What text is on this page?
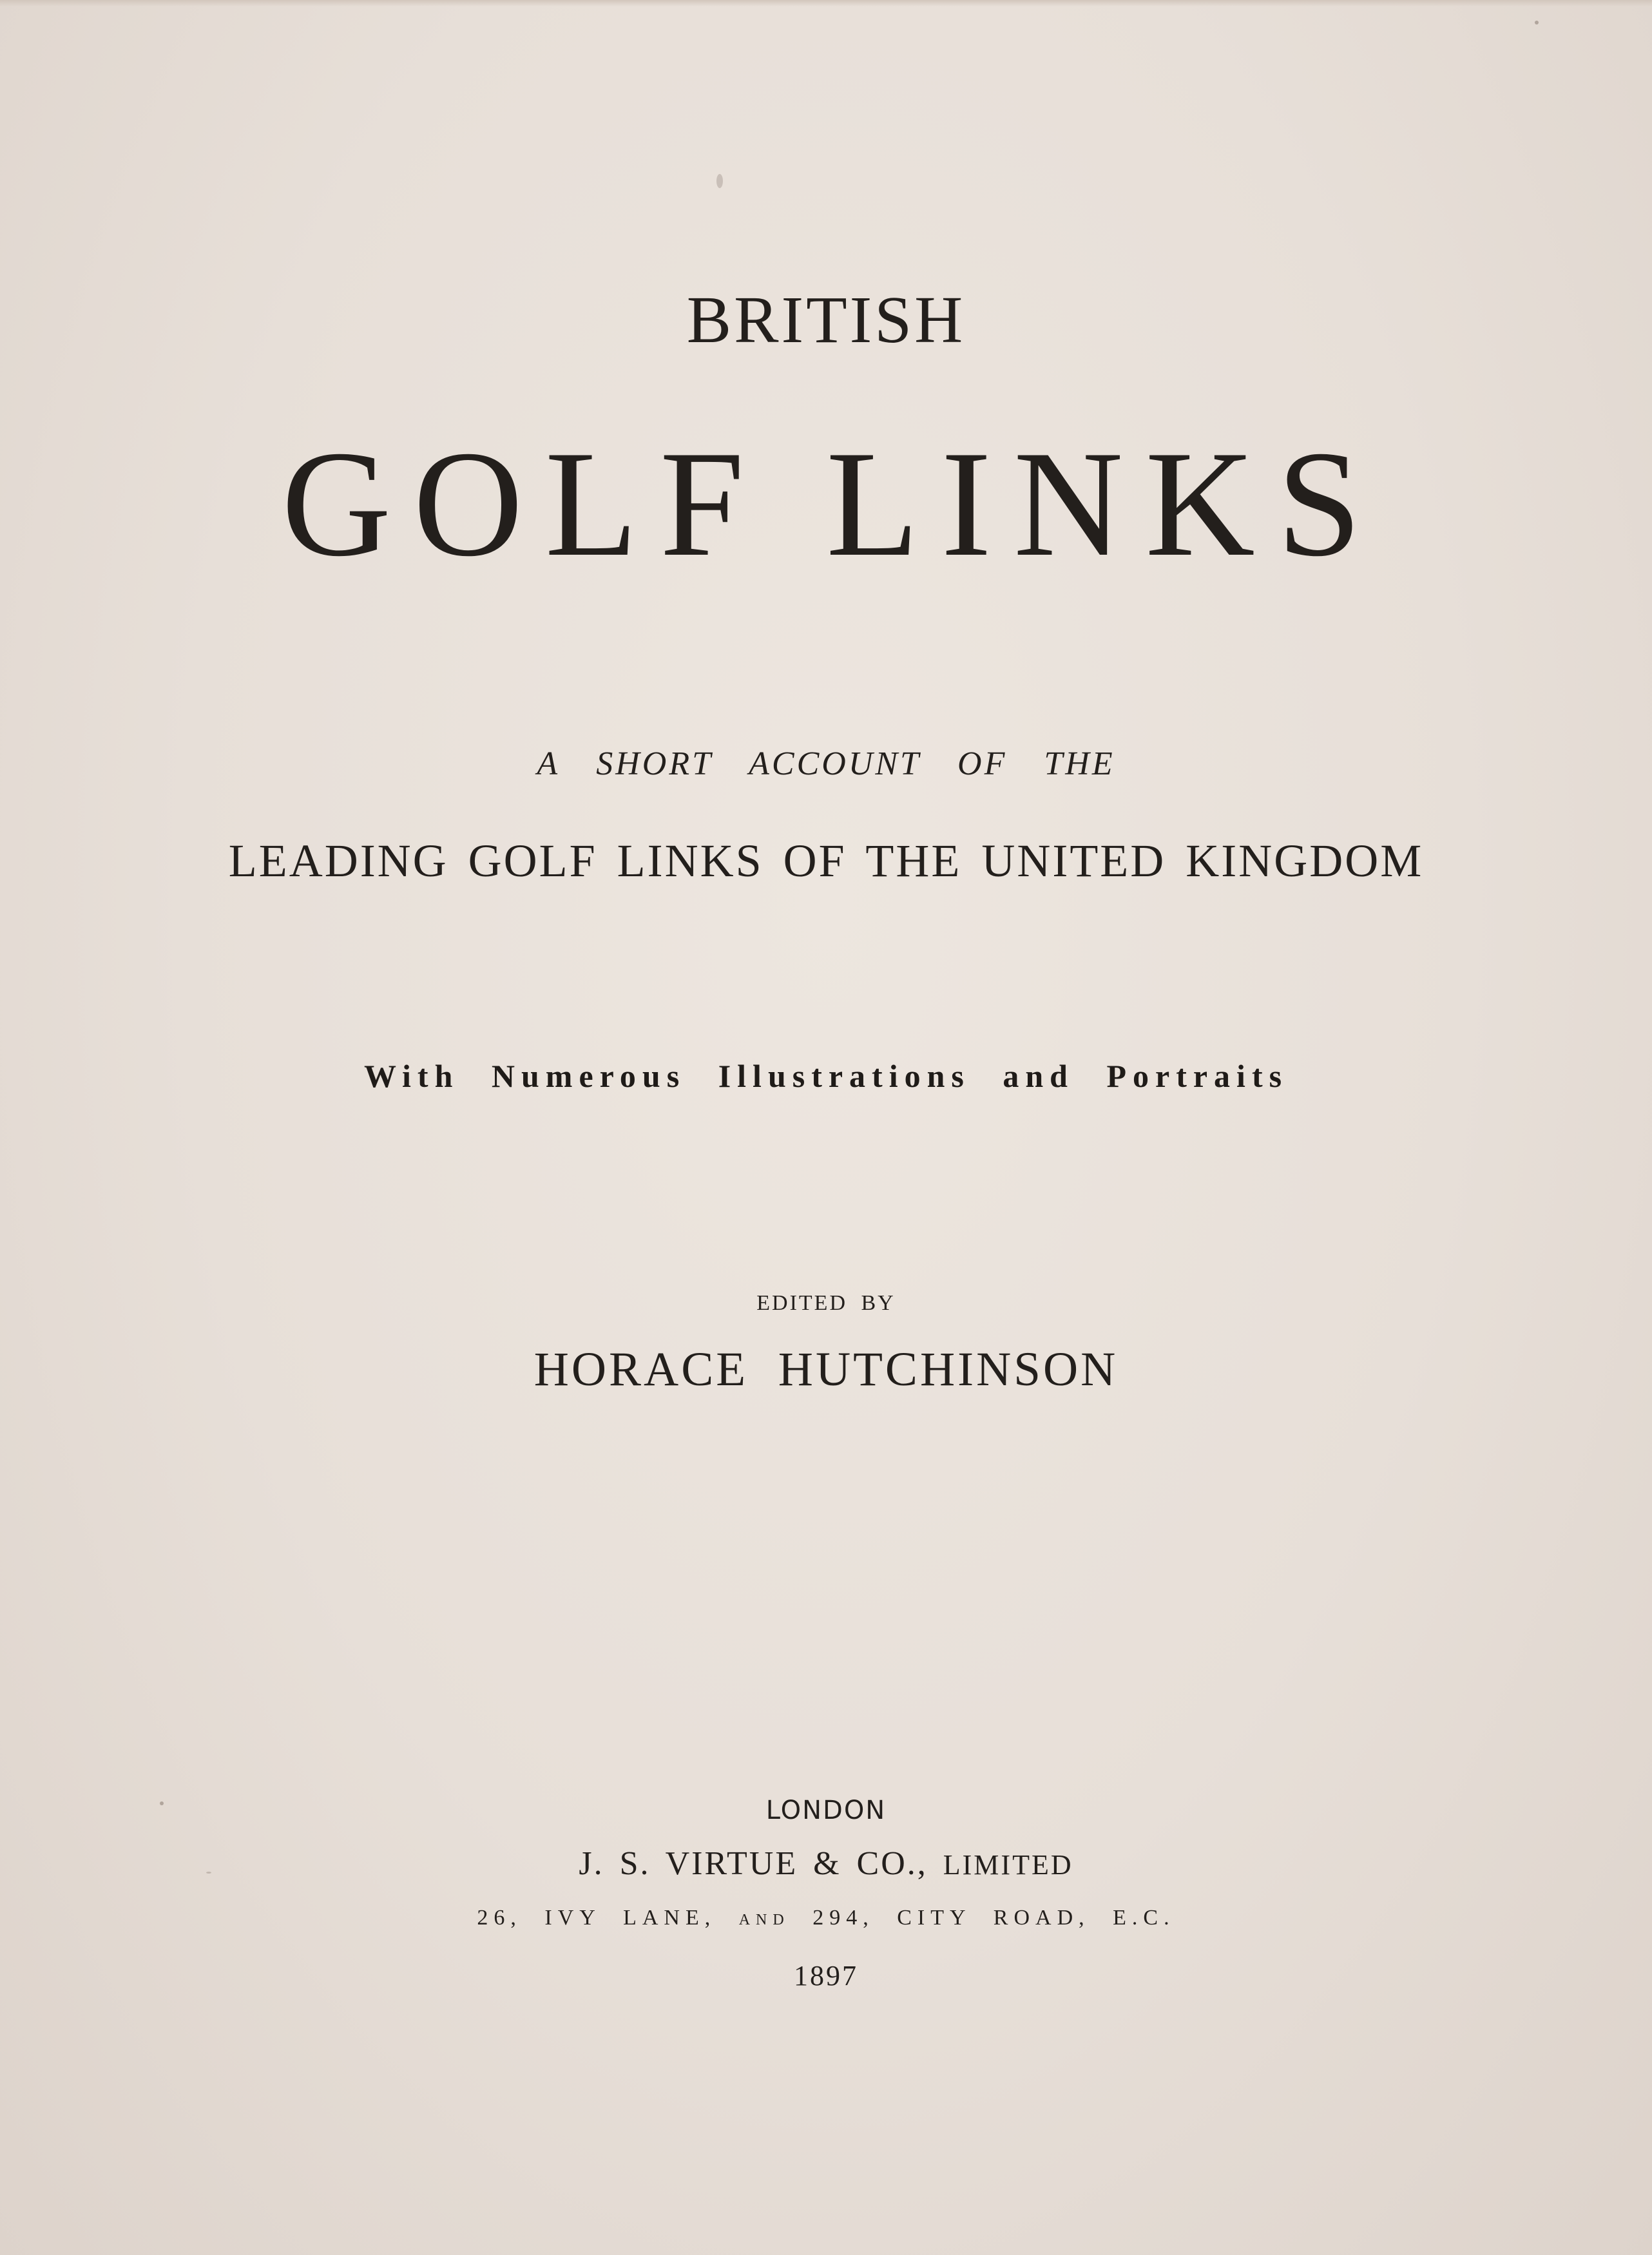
BRITISH
GOLF LINKS

A SHORT ACCOUNT OF THE

LEADING GOLF LINKS OF THE UNITED KINGDOM

With Numerous Illustrations and Portraits

EDITED BY

HORACE HUTCHINSON

LONDON

J. S. VIRTUE & CO., LIMITED

26, IVY LANE, AND 294, CITY ROAD, E.C.

1897
